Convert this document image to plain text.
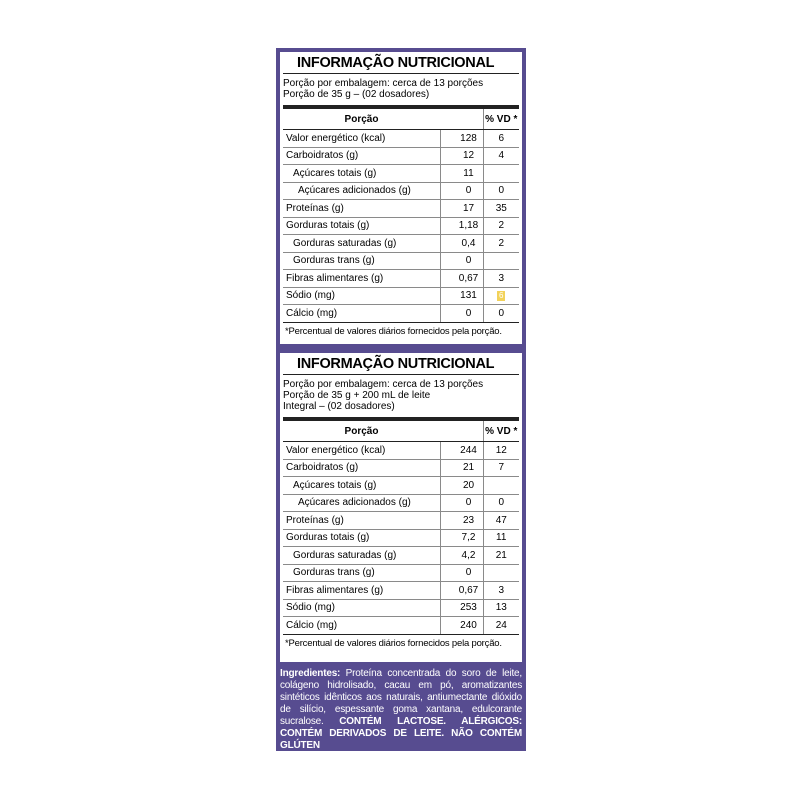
INFORMAÇÃO NUTRICIONAL
Porção por embalagem: cerca de 13 porções
Porção de 35 g – (02 dosadores)
Porção		% VD *
Valor energético (kcal)	128	6
Carboidratos (g)	12	4
Açúcares totais (g)	11	
Açúcares adicionados (g)	0	0
Proteínas (g)	17	35
Gorduras totais (g)	1,18	2
Gorduras saturadas (g)	0,4	2
Gorduras trans (g)	0	
Fibras alimentares (g)	0,67	3
Sódio (mg)	131	6
Cálcio (mg)	0	0
*Percentual de valores diários fornecidos pela porção.
INFORMAÇÃO NUTRICIONAL
Porção por embalagem: cerca de 13 porções
Porção de 35 g + 200 mL de leite
Integral – (02 dosadores)
Porção		% VD *
Valor energético (kcal)	244	12
Carboidratos (g)	21	7
Açúcares totais (g)	20	
Açúcares adicionados (g)	0	0
Proteínas (g)	23	47
Gorduras totais (g)	7,2	11
Gorduras saturadas (g)	4,2	21
Gorduras trans (g)	0	
Fibras alimentares (g)	0,67	3
Sódio (mg)	253	13
Cálcio (mg)	240	24
*Percentual de valores diários fornecidos pela porção.
Ingredientes: Proteína concentrada do soro de leite, colágeno hidrolisado, cacau em pó, aromatizantes sintéticos idênticos aos naturais, antiumectante dióxido de silício, espessante goma xantana, edulcorante sucralose. CONTÉM LACTOSE. ALÉRGICOS: CONTÉM DERIVADOS DE LEITE. NÃO CONTÉM GLÚTEN
